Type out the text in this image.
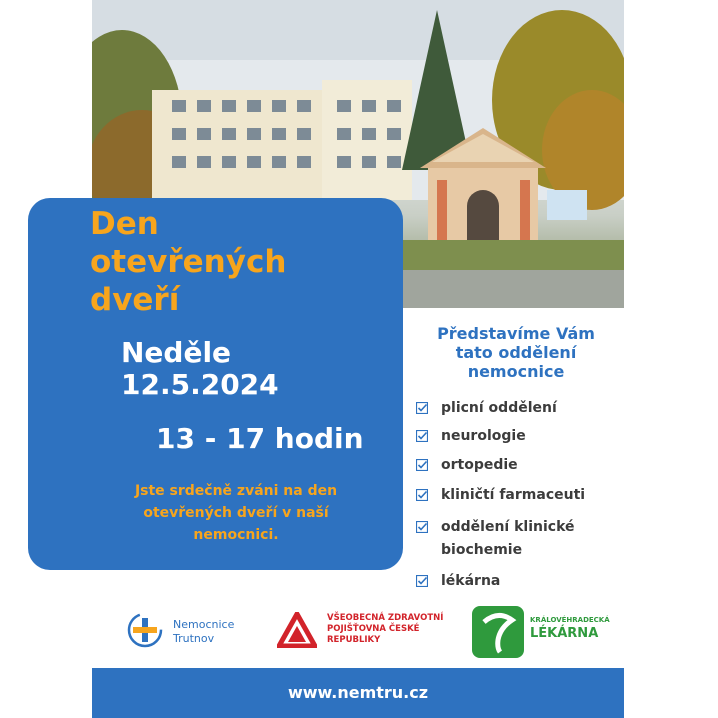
Den
otevřených
dveří
Neděle
12.5.2024
13 - 17 hodin
Jste srdečně zváni na den otevřených dveří v naší nemocnici.
Představíme Vám tato oddělení nemocnice
plicní oddělení
neurologie
ortopedie
kliničtí farmaceuti
oddělení klinické biochemie
lékárna
Nemocnice Trutnov
VŠEOBECNÁ ZDRAVOTNÍ POJIŠŤOVNA ČESKÉ REPUBLIKY
KRÁLOVÉHRADECKÁ
LÉKÁRNA
www.nemtru.cz
